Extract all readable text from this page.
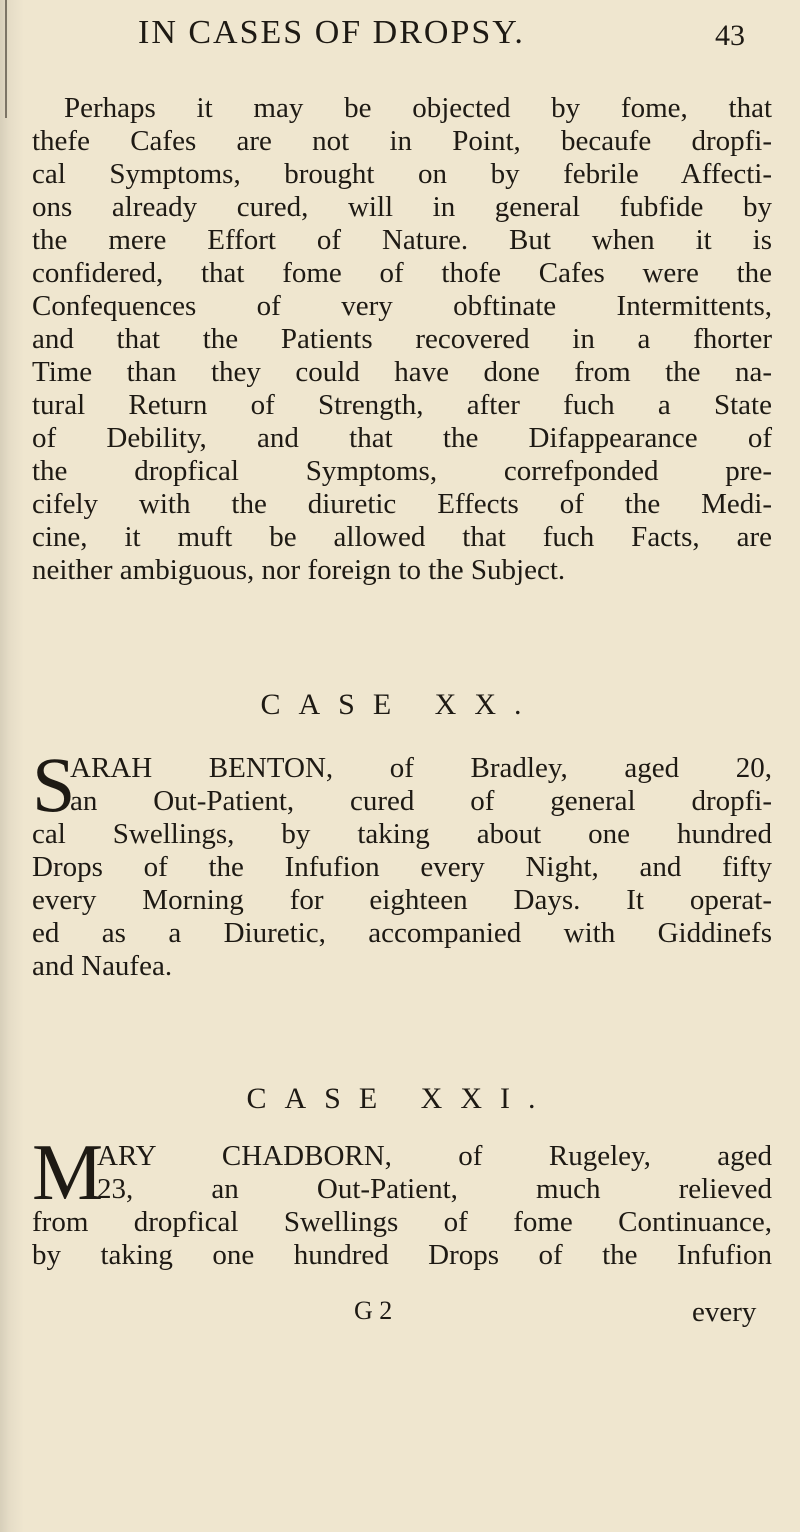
IN CASES OF DROPSY.	43
Perhaps it may be objected by fome, that
thefe Cafes are not in Point, becaufe dropfi-
cal Symptoms, brought on by febrile Affecti-
ons already cured, will in general fubfide by
the mere Effort of Nature. But when it is
confidered, that fome of thofe Cafes were the
Confequences of very obftinate Intermittents,
and that the Patients recovered in a fhorter
Time than they could have done from the na-
tural Return of Strength, after fuch a State
of Debility, and that the Difappearance of
the dropfical Symptoms, correfponded pre-
cifely with the diuretic Effects of the Medi-
cine, it muft be allowed that fuch Facts, are
neither ambiguous, nor foreign to the Subject.
CASE XX.
S
ARAH BENTON, of Bradley, aged 20,
an Out-Patient, cured of general dropfi-
cal Swellings, by taking about one hundred
Drops of the Infufion every Night, and fifty
every Morning for eighteen Days. It operat-
ed as a Diuretic, accompanied with Giddinefs
and Naufea.
CASE XXI.
M
ARY CHADBORN, of Rugeley, aged
23, an Out-Patient, much relieved
from dropfical Swellings of fome Continuance,
by taking one hundred Drops of the Infufion
G 2	every
